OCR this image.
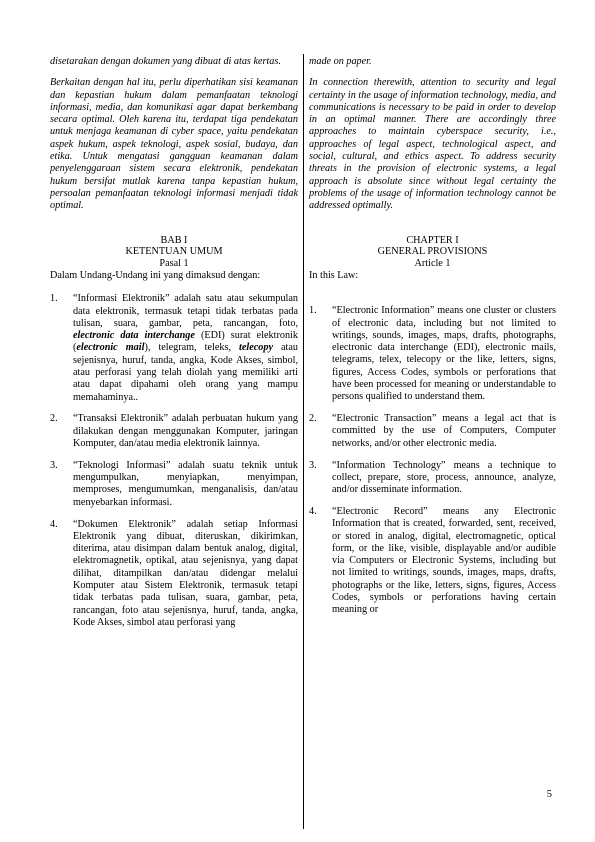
disetarakan dengan dokumen yang dibuat di atas kertas.

Berkaitan dengan hal itu, perlu diperhatikan sisi keamanan dan kepastian hukum dalam pemanfaatan teknologi informasi, media, dan komunikasi agar dapat berkembang secara optimal. Oleh karena itu, terdapat tiga pendekatan untuk menjaga keamanan di cyber space, yaitu pendekatan aspek hukum, aspek teknologi, aspek sosial, budaya, dan etika. Untuk mengatasi gangguan keamanan dalam penyelenggaraan sistem secara elektronik, pendekatan hukum bersifat mutlak karena tanpa kepastian hukum, persoalan pemanfaatan teknologi informasi menjadi tidak optimal.

BAB I
KETENTUAN UMUM
Pasal 1

Dalam Undang-Undang ini yang dimaksud dengan:

1.	“Informasi Elektronik” adalah satu atau sekumpulan data elektronik, termasuk tetapi tidak terbatas pada tulisan, suara, gambar, peta, rancangan, foto, electronic data interchange (EDI) surat elektronik (electronic mail), telegram, teleks, telecopy atau sejenisnya, huruf, tanda, angka, Kode Akses, simbol, atau perforasi yang telah diolah yang memiliki arti atau dapat dipahami oleh orang yang mampu memahaminya..
2.	“Transaksi Elektronik” adalah perbuatan hukum yang dilakukan dengan menggunakan Komputer, jaringan Komputer, dan/atau media elektronik lainnya.
3.	“Teknologi Informasi” adalah suatu teknik untuk mengumpulkan, menyiapkan, menyimpan, memproses, mengumumkan, menganalisis, dan/atau menyebarkan informasi.
4.	“Dokumen Elektronik” adalah setiap Informasi Elektronik yang dibuat, diteruskan, dikirimkan, diterima, atau disimpan dalam bentuk analog, digital, elektromagnetik, optikal, atau sejenisnya, yang dapat dilihat, ditampilkan dan/atau didengar melalui Komputer atau Sistem Elektronik, termasuk tetapi tidak terbatas pada tulisan, suara, gambar, peta, rancangan, foto atau sejenisnya, huruf, tanda, angka, Kode Akses, simbol atau perforasi yang

made on paper.

In connection therewith, attention to security and legal certainty in the usage of information technology, media, and communications is necessary to be paid in order to develop in an optimal manner. There are accordingly three approaches to maintain cyberspace security, i.e., approaches of legal aspect, technological aspect, and social, cultural, and ethics aspect. To address security threats in the provision of electronic systems, a legal approach is absolute since without legal certainty the problems of the usage of information technology cannot be addressed optimally.

CHAPTER I
GENERAL PROVISIONS
Article 1

In this Law:

1.	“Electronic Information” means one cluster or clusters of electronic data, including but not limited to writings, sounds, images, maps, drafts, photographs, electronic data interchange (EDI), electronic mails, telegrams, telex, telecopy or the like, letters, signs, figures, Access Codes, symbols or perforations that have been processed for meaning or understandable to persons qualified to understand them.
2.	“Electronic Transaction” means a legal act that is committed by the use of Computers, Computer networks, and/or other electronic media.
3.	“Information Technology” means a technique to collect, prepare, store, process, announce, analyze, and/or disseminate information.
4.	“Electronic Record” means any Electronic Information that is created, forwarded, sent, received, or stored in analog, digital, electromagnetic, optical form, or the like, visible, displayable and/or audible via Computers or Electronic Systems, including but not limited to writings, sounds, images, maps, drafts, photographs or the like, letters, signs, figures, Access Codes, symbols or perforations having certain meaning or
5
